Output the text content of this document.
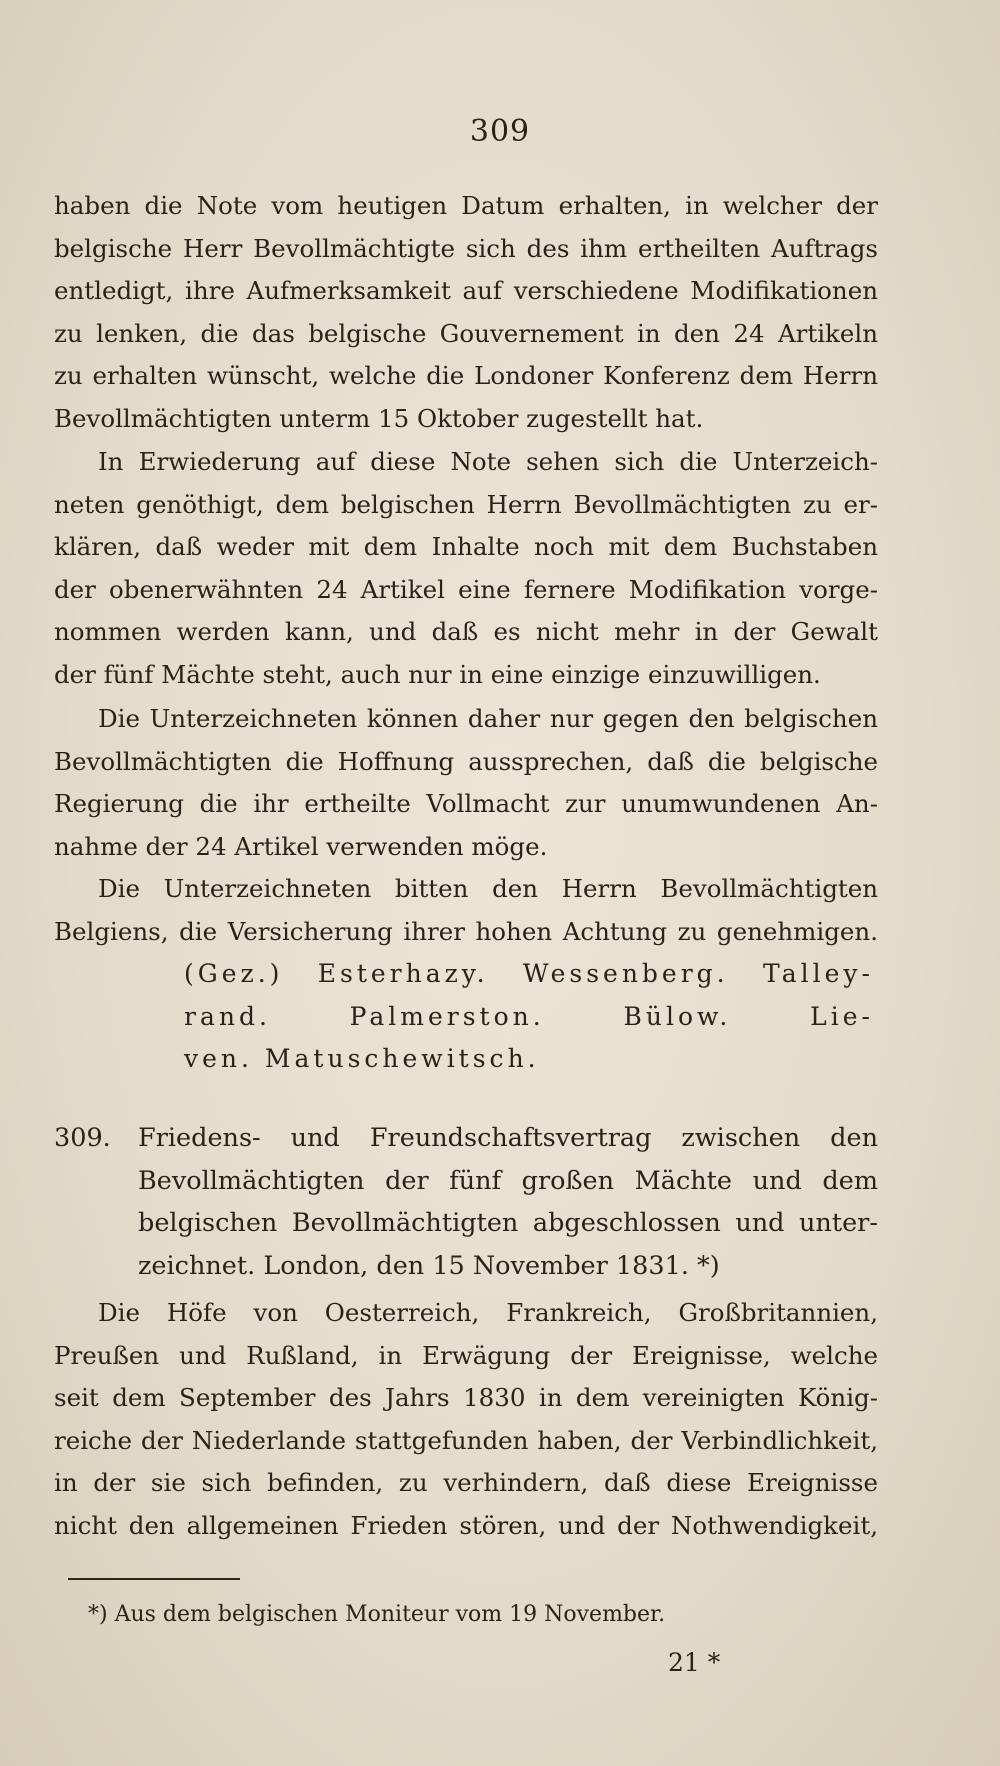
309
haben die Note vom heutigen Datum erhalten, in welcher der
belgische Herr Bevollmächtigte sich des ihm ertheilten Auftrags
entledigt, ihre Aufmerksamkeit auf verschiedene Modifikationen
zu lenken, die das belgische Gouvernement in den 24 Artikeln
zu erhalten wünscht, welche die Londoner Konferenz dem Herrn
Bevollmächtigten unterm 15 Oktober zugestellt hat.
In Erwiederung auf diese Note sehen sich die Unterzeich-
neten genöthigt, dem belgischen Herrn Bevollmächtigten zu er-
klären, daß weder mit dem Inhalte noch mit dem Buchstaben
der obenerwähnten 24 Artikel eine fernere Modifikation vorge-
nommen werden kann, und daß es nicht mehr in der Gewalt
der fünf Mächte steht, auch nur in eine einzige einzuwilligen.
Die Unterzeichneten können daher nur gegen den belgischen
Bevollmächtigten die Hoffnung aussprechen, daß die belgische
Regierung die ihr ertheilte Vollmacht zur unumwundenen An-
nahme der 24 Artikel verwenden möge.
Die Unterzeichneten bitten den Herrn Bevollmächtigten
Belgiens, die Versicherung ihrer hohen Achtung zu genehmigen.
(Gez.) Esterhazy. Wessenberg. Talley-
rand. Palmerston. Bülow. Lie-
ven. Matuschewitsch.
309. Friedens- und Freundschaftsvertrag zwischen den
Bevollmächtigten der fünf großen Mächte und dem
belgischen Bevollmächtigten abgeschlossen und unter-
zeichnet. London, den 15 November 1831. *)
Die Höfe von Oesterreich, Frankreich, Großbritannien,
Preußen und Rußland, in Erwägung der Ereignisse, welche
seit dem September des Jahrs 1830 in dem vereinigten König-
reiche der Niederlande stattgefunden haben, der Verbindlichkeit,
in der sie sich befinden, zu verhindern, daß diese Ereignisse
nicht den allgemeinen Frieden stören, und der Nothwendigkeit,
*) Aus dem belgischen Moniteur vom 19 November.
21 *
